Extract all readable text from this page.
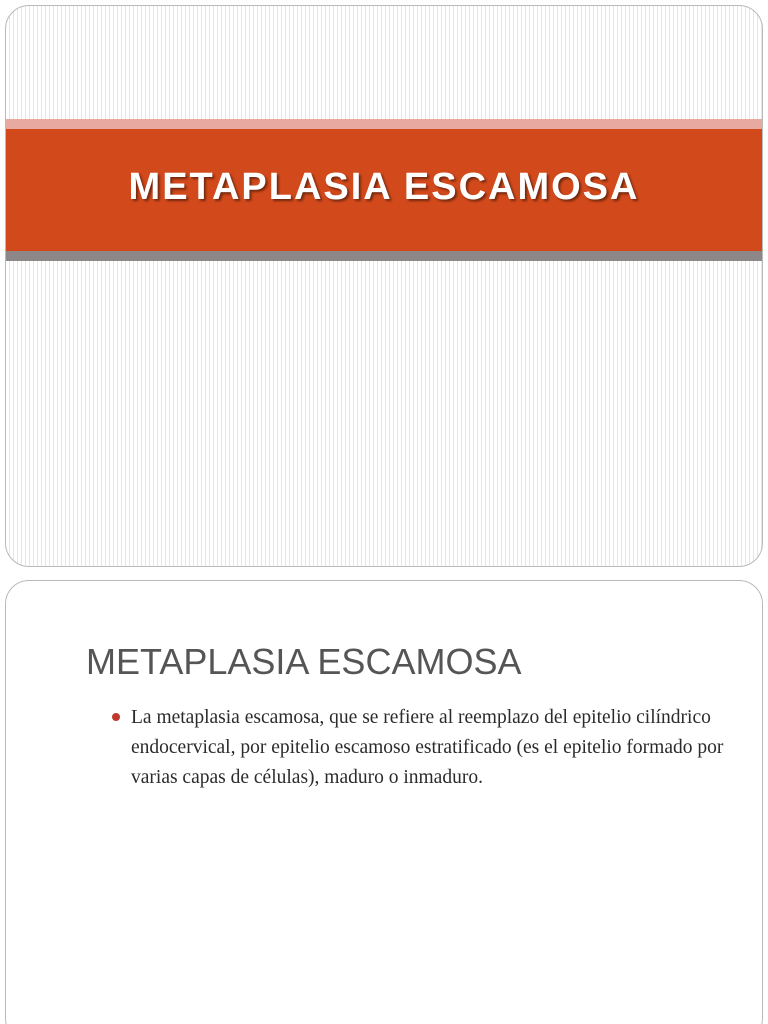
METAPLASIA ESCAMOSA
METAPLASIA ESCAMOSA
La metaplasia escamosa, que se refiere al reemplazo del epitelio cilíndrico endocervical, por epitelio escamoso estratificado (es el epitelio formado por varias capas de células), maduro o inmaduro.
